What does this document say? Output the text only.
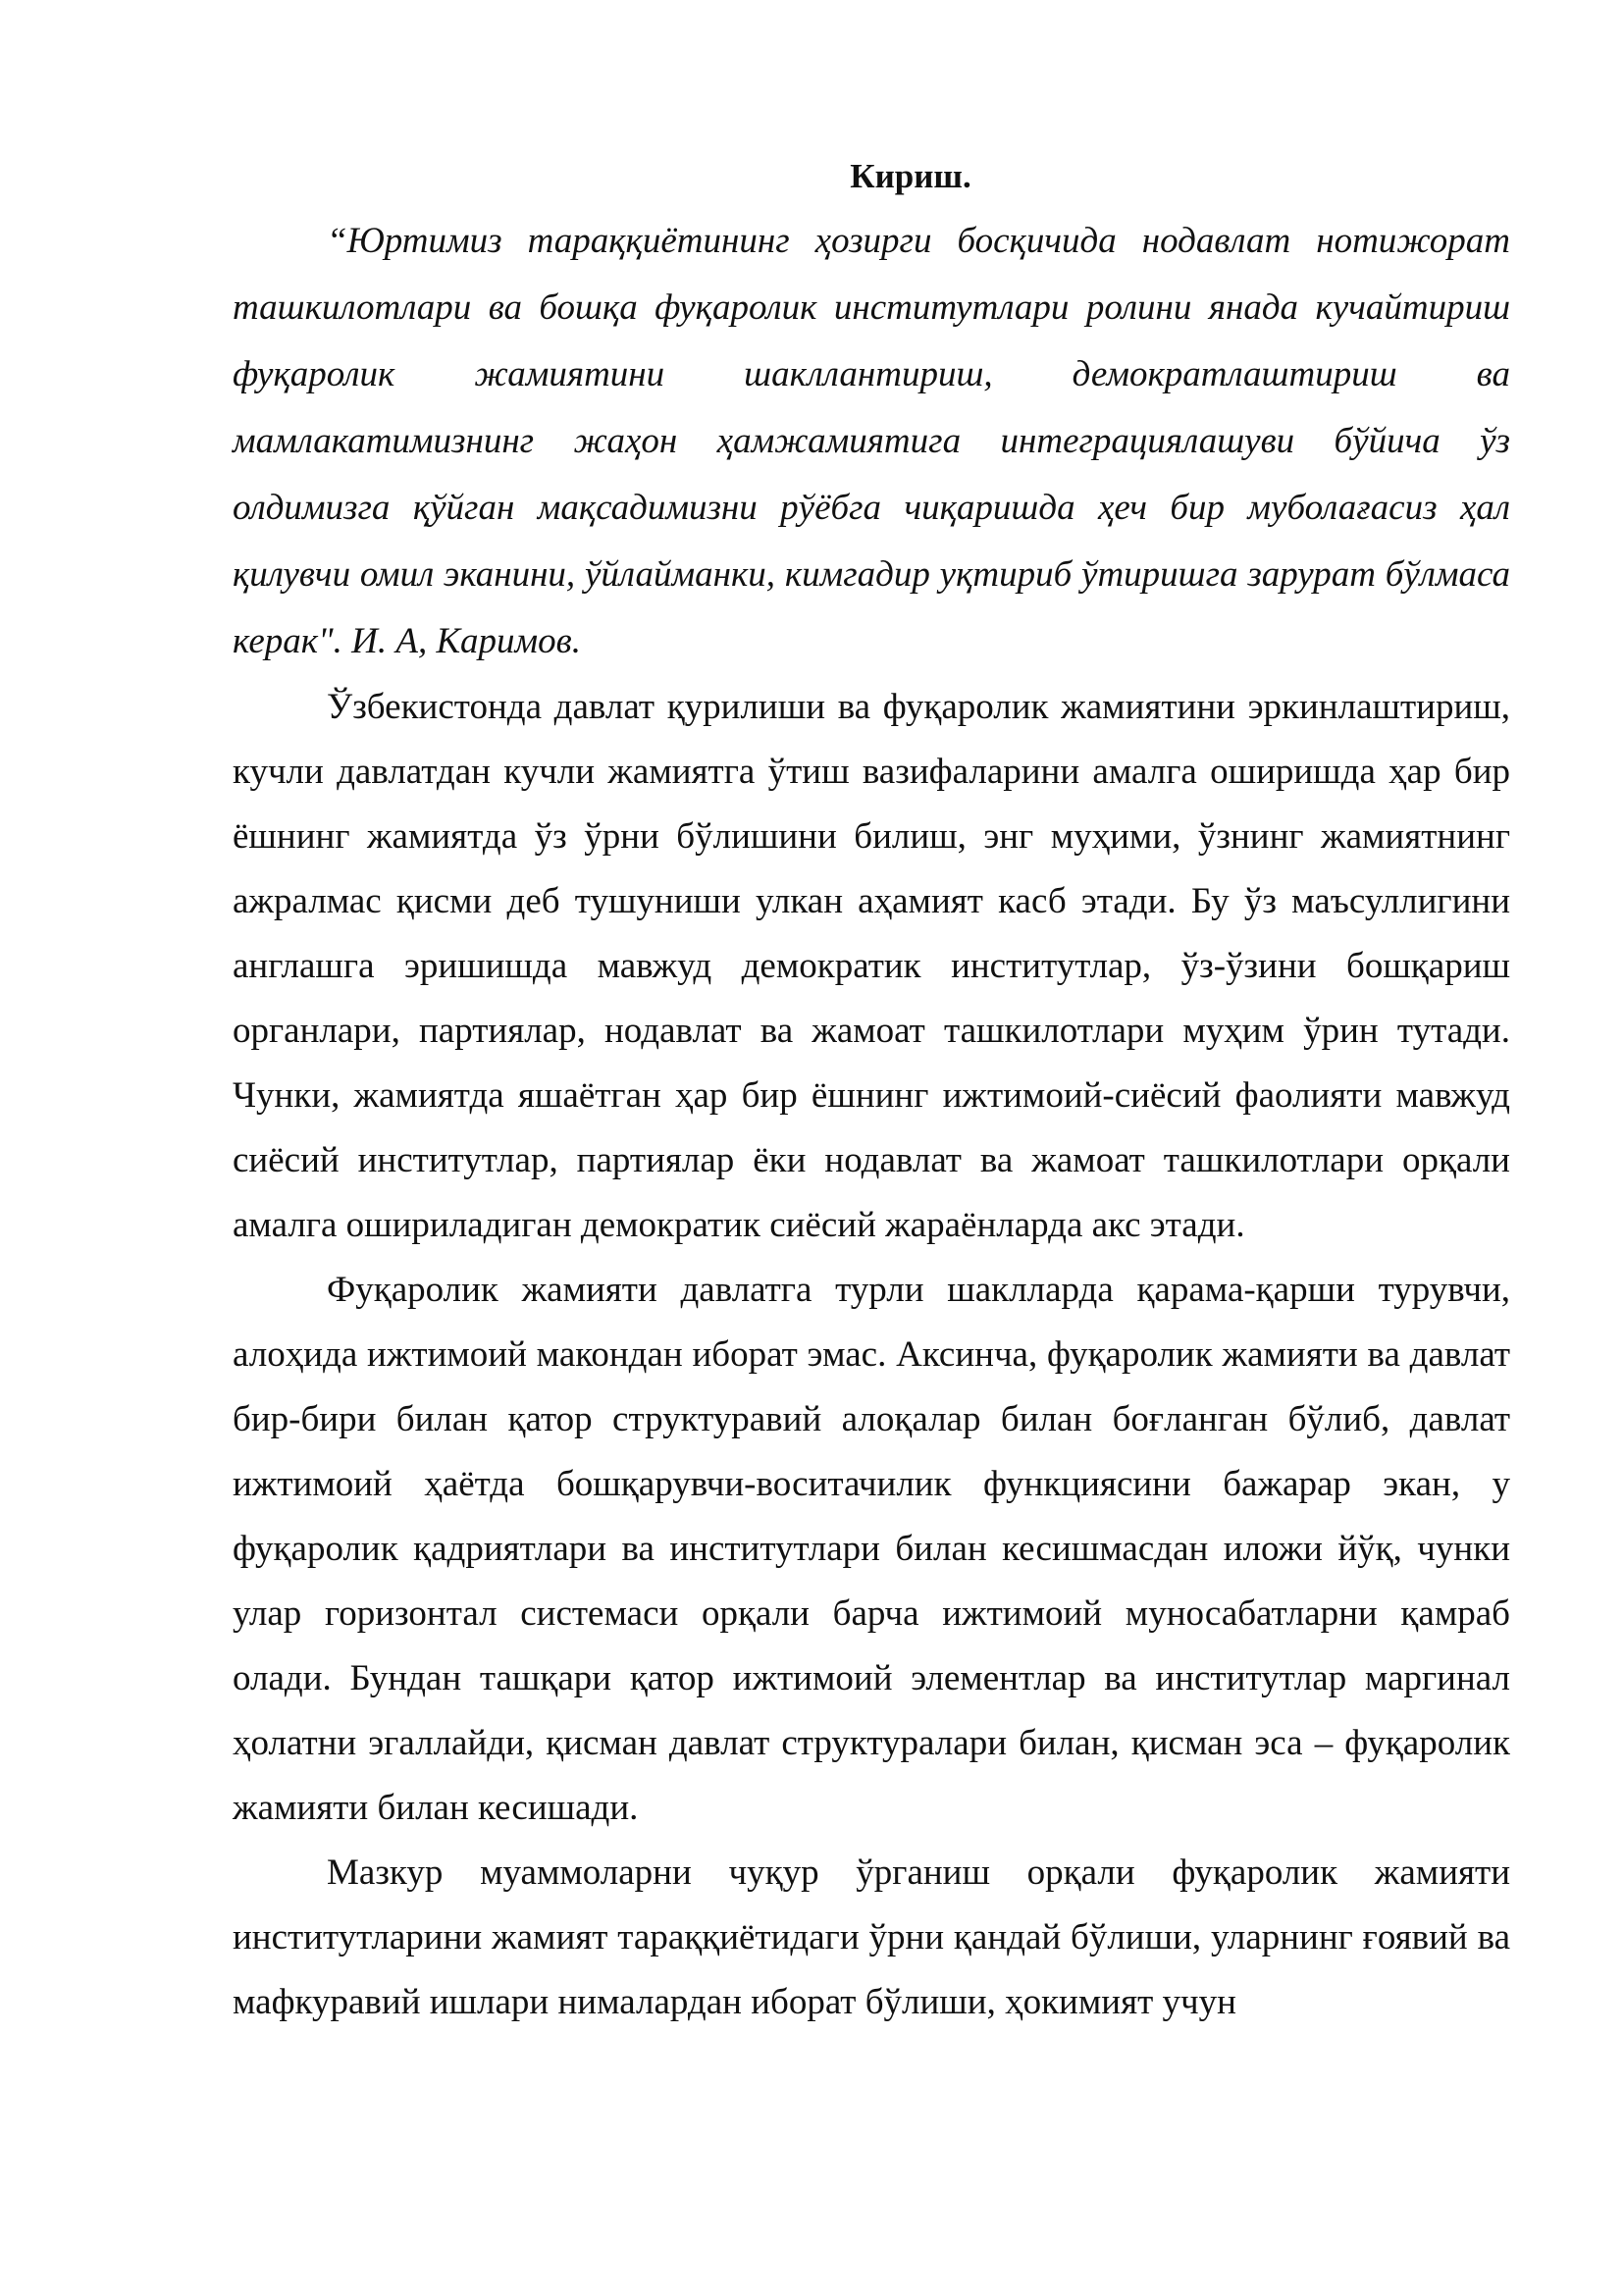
Кириш.

“Юртимиз тараққиётининг ҳозирги босқичида нодавлат нотижорат ташкилотлари ва бошқа фуқаролик институтлари ролини янада кучайтириш фуқаролик жамиятини шакллантириш, демократлаштириш ва мамлакатимизнинг жаҳон ҳамжамиятига интеграциялашуви бўйича ўз олдимизга қўйган мақсадимизни рўёбга чиқаришда ҳеч бир муболағасиз ҳал қилувчи омил эканини, ўйлайманки, кимгадир уқтириб ўтиришга зарурат бўлмаса керак". И. А, Каримов.

Ўзбекистонда давлат қурилиши ва фуқаролик жамиятини эркинлаштириш, кучли давлатдан кучли жамиятга ўтиш вазифаларини амалга оширишда ҳар бир ёшнинг жамиятда ўз ўрни бўлишини билиш, энг муҳими, ўзнинг жамиятнинг ажралмас қисми деб тушуниши улкан аҳамият касб этади. Бу ўз маъсуллигини англашга эришишда мавжуд демократик институтлар, ўз-ўзини бошқариш органлари, партиялар, нодавлат ва жамоат ташкилотлари муҳим ўрин тутади. Чунки, жамиятда яшаётган ҳар бир ёшнинг ижтимоий-сиёсий фаолияти мавжуд сиёсий институтлар, партиялар ёки нодавлат ва жамоат ташкилотлари орқали амалга ошириладиган демократик сиёсий жараёнларда акс этади.

Фуқаролик жамияти давлатга турли шаклларда қарама-қарши турувчи, алоҳида ижтимоий макондан иборат эмас. Аксинча, фуқаролик жамияти ва давлат бир-бири билан қатор структуравий алоқалар билан боғланган бўлиб, давлат ижтимоий ҳаётда бошқарувчи-воситачилик функциясини бажарар экан, у фуқаролик қадриятлари ва институтлари билан кесишмасдан иложи йўқ, чунки улар горизонтал системаси орқали барча ижтимоий муносабатларни қамраб олади. Бундан ташқари қатор ижтимоий элементлар ва институтлар маргинал ҳолатни эгаллайди, қисман давлат структуралари билан, қисман эса – фуқаролик жамияти билан кесишади.

Мазкур муаммоларни чуқур ўрганиш орқали фуқаролик жамияти институтларини жамият тараққиётидаги ўрни қандай бўлиши, уларнинг ғоявий ва мафкуравий ишлари нималардан иборат бўлиши, ҳокимият учун
